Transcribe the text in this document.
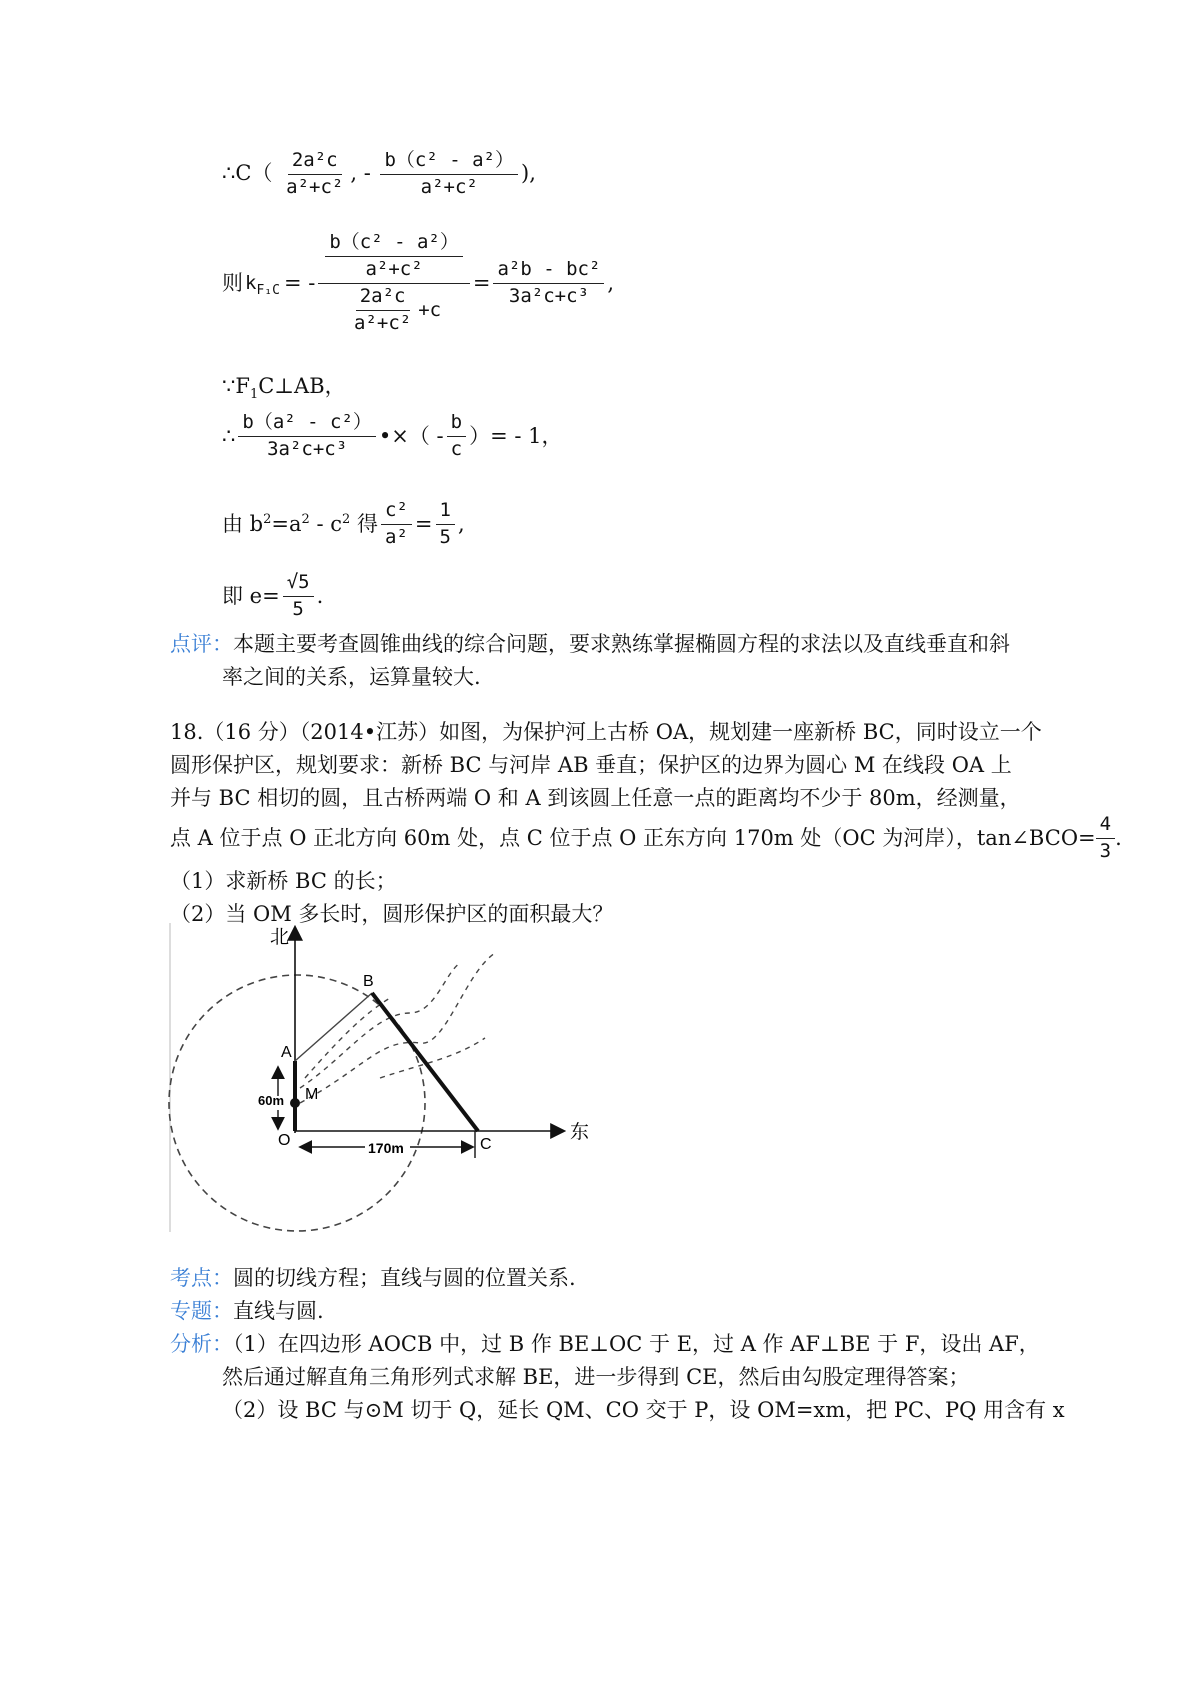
∴C（ $\frac{\text{2a²c}}{\text{a²+c²}}$ , - $\frac{\text{b（c² - a²）}}{\text{a²+c²}}$ ),
则 $k_{F_1C}$ = - $\frac{\frac{\text{b（c² - a²）}}{\text{a²+c²}}}{\frac{\text{2a²c}}{\text{a²+c²}} +c} = \frac{\text{a²b - bc²}}{\text{3a²c+c³}}$ ,
$\because F_1C\perp AB$，
∴ $\frac{\text{b（a² - c²）}}{\text{3a²c+c³}}$ •×（ - $\frac{b}{c}$ ）= - 1，
由 $b^2=a^2 - c^2$ 得 $\frac{\text{c²}}{\text{a²}} = \frac{1}{5}$ ,
即 $e= \frac{√5}{5}$ .
点评：本题主要考查圆锥曲线的综合问题，要求熟练掌握椭圆方程的求法以及直线垂直和斜
率之间的关系，运算量较大.
18.（16 分）（2014•江苏）如图，为保护河上古桥 OA，规划建一座新桥 BC，同时设立一个
圆形保护区，规划要求：新桥 BC 与河岸 AB 垂直；保护区的边界为圆心 M 在线段 OA 上
并与 BC 相切的圆，且古桥两端 O 和 A 到该圆上任意一点的距离均不少于 80m，经测量，
点 A 位于点 O 正北方向 60m 处，点 C 位于点 O 正东方向 170m 处（OC 为河岸），tan∠BCO= $\frac{4}{3}$ .
（1）求新桥 BC 的长；
（2）当 OM 多长时，圆形保护区的面积最大？
北
东
A
B
C
O
M
60m
170m
考点：圆的切线方程；直线与圆的位置关系.
专题：直线与圆.
分析：（1）在四边形 AOCB 中，过 B 作 BE⊥OC 于 E，过 A 作 AF⊥BE 于 F，设出 AF，
然后通过解直角三角形列式求解 BE，进一步得到 CE，然后由勾股定理得答案；
（2）设 BC 与⊙M 切于 Q，延长 QM、CO 交于 P，设 OM=xm，把 PC、PQ 用含有 x
